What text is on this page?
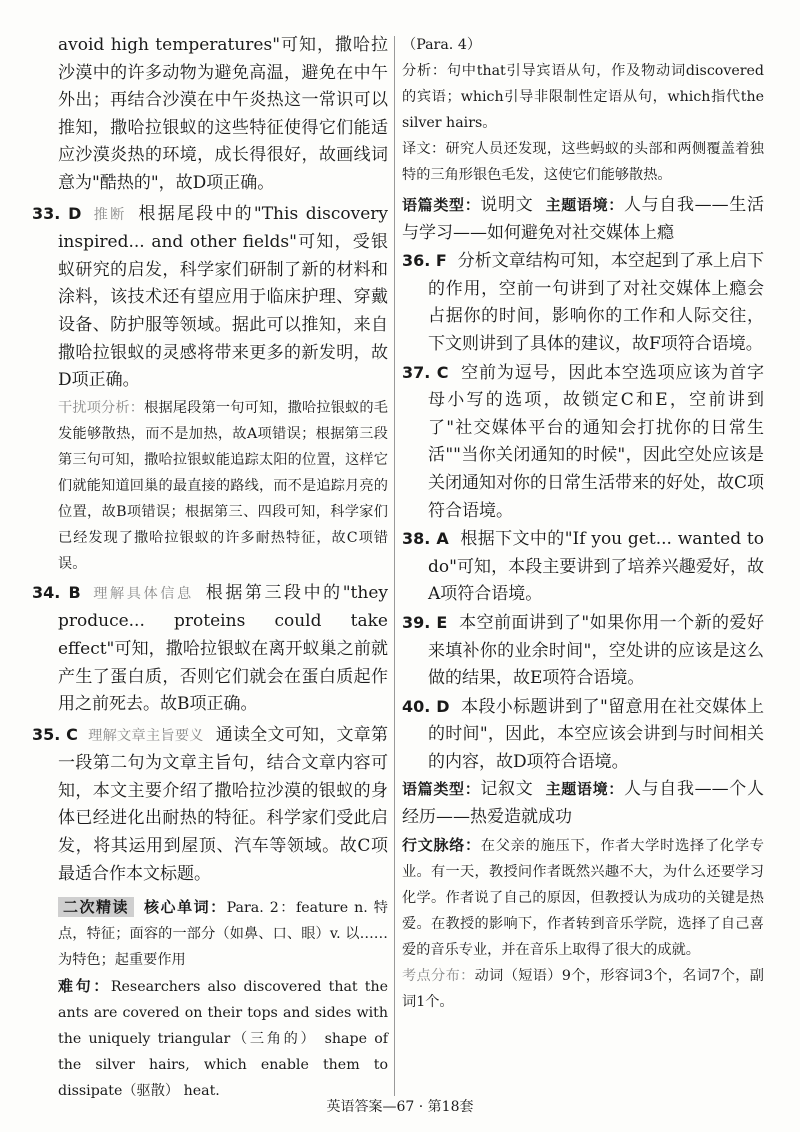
avoid high temperatures"可知，撒哈拉沙漠中的许多动物为避免高温，避免在中午外出；再结合沙漠在中午炎热这一常识可以推知，撒哈拉银蚁的这些特征使得它们能适应沙漠炎热的环境，成长得很好，故画线词意为"酷热的"，故D项正确。

33. D 推断 根据尾段中的"This discovery inspired... and other fields"可知，受银蚁研究的启发，科学家们研制了新的材料和涂料，该技术还有望应用于临床护理、穿戴设备、防护服等领域。据此可以推知，来自撒哈拉银蚁的灵感将带来更多的新发明，故D项正确。

干扰项分析：根据尾段第一句可知，撒哈拉银蚁的毛发能够散热，而不是加热，故A项错误；根据第三段第三句可知，撒哈拉银蚁能追踪太阳的位置，这样它们就能知道回巢的最直接的路线，而不是追踪月亮的位置，故B项错误；根据第三、四段可知，科学家们已经发现了撒哈拉银蚁的许多耐热特征，故C项错误。

34. B 理解具体信息 根据第三段中的"they produce... proteins could take effect"可知，撒哈拉银蚁在离开蚁巢之前就产生了蛋白质，否则它们就会在蛋白质起作用之前死去。故B项正确。

35. C 理解文章主旨要义 通读全文可知，文章第一段第二句为文章主旨句，结合文章内容可知，本文主要介绍了撒哈拉沙漠的银蚁的身体已经进化出耐热的特征。科学家们受此启发，将其运用到屋顶、汽车等领域。故C项最适合作本文标题。

二次精读 核心单词：Para. 2：feature n. 特点，特征；面容的一部分（如鼻、口、眼）v. 以……为特色；起重要作用

难句：Researchers also discovered that the ants are covered on their tops and sides with the uniquely triangular（三角的） shape of the silver hairs, which enable them to dissipate（驱散） heat.

（Para. 4）

分析：句中that引导宾语从句，作及物动词discovered的宾语；which引导非限制性定语从句，which指代the silver hairs。

译文：研究人员还发现，这些蚂蚁的头部和两侧覆盖着独特的三角形银色毛发，这使它们能够散热。

语篇类型：说明文 主题语境：人与自我——生活与学习——如何避免对社交媒体上瘾

36. F 分析文章结构可知，本空起到了承上启下的作用，空前一句讲到了对社交媒体上瘾会占据你的时间，影响你的工作和人际交往，下文则讲到了具体的建议，故F项符合语境。

37. C 空前为逗号，因此本空选项应该为首字母小写的选项，故锁定C和E，空前讲到了"社交媒体平台的通知会打扰你的日常生活""当你关闭通知的时候"，因此空处应该是关闭通知对你的日常生活带来的好处，故C项符合语境。

38. A 根据下文中的"If you get... wanted to do"可知，本段主要讲到了培养兴趣爱好，故A项符合语境。

39. E 本空前面讲到了"如果你用一个新的爱好来填补你的业余时间"，空处讲的应该是这么做的结果，故E项符合语境。

40. D 本段小标题讲到了"留意用在社交媒体上的时间"，因此，本空应该会讲到与时间相关的内容，故D项符合语境。

语篇类型：记叙文 主题语境：人与自我——个人经历——热爱造就成功

行文脉络：在父亲的施压下，作者大学时选择了化学专业。有一天，教授问作者既然兴趣不大，为什么还要学习化学。作者说了自己的原因，但教授认为成功的关键是热爱。在教授的影响下，作者转到音乐学院，选择了自己喜爱的音乐专业，并在音乐上取得了很大的成就。

考点分布：动词（短语）9个，形容词3个，名词7个，副词1个。

英语答案—67 · 第18套
